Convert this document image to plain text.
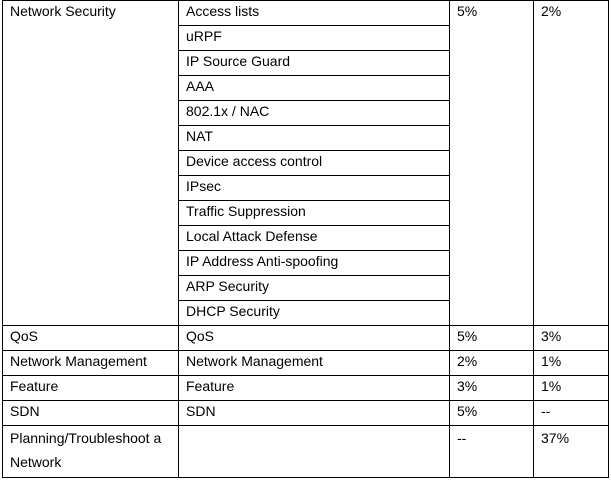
Network Security	Access lists	5%	2%
	uRPF		
	IP Source Guard		
	AAA		
	802.1x / NAC		
	NAT		
	Device access control		
	IPsec		
	Traffic Suppression		
	Local Attack Defense		
	IP Address Anti-spoofing		
	ARP Security		
	DHCP Security		
QoS	QoS	5%	3%
Network Management	Network Management	2%	1%
Feature	Feature	3%	1%
SDN	SDN	5%	--
Planning/Troubleshoot a Network		--	37%
